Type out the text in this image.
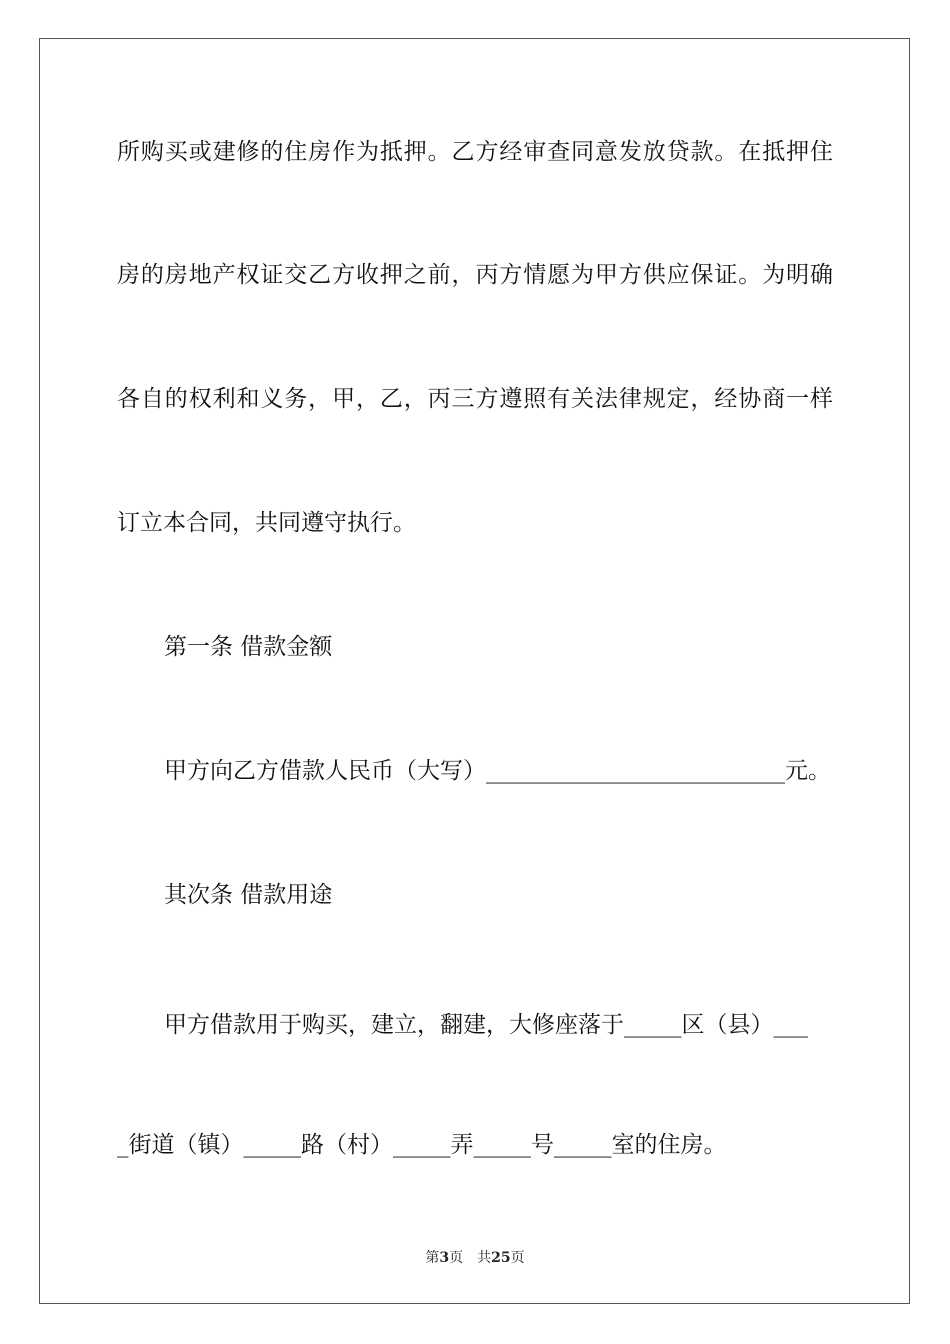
所购买或建修的住房作为抵押。乙方经审查同意发放贷款。在抵押住

房的房地产权证交乙方收押之前，丙方情愿为甲方供应保证。为明确

各自的权利和义务，甲，乙，丙三方遵照有关法律规定，经协商一样

订立本合同，共同遵守执行。

第一条 借款金额

甲方向乙方借款人民币（大写）__________________________元。

其次条 借款用途

甲方借款用于购买，建立，翻建，大修座落于_____区（县）___

_街道（镇）_____路（村）_____弄_____号_____室的住房。

第3页　共25页
